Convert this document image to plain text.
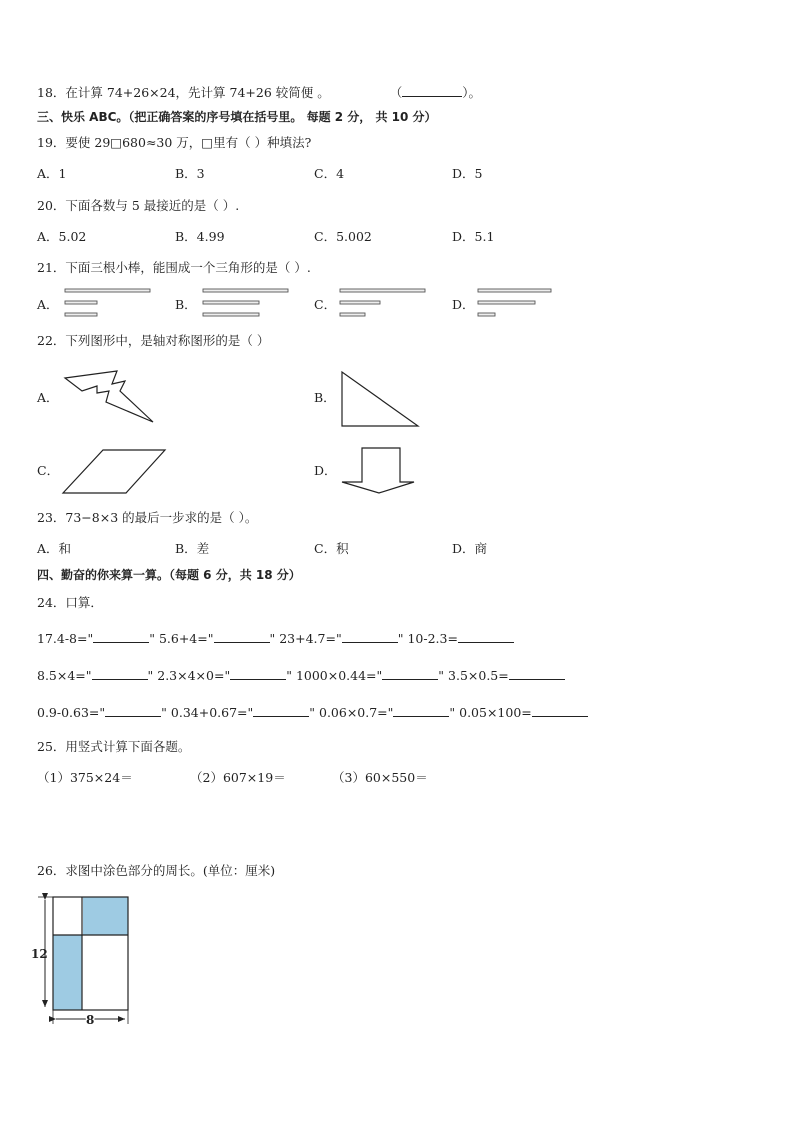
18．在计算 74+26×24，先计算 74+26 较简便 。	（	）。
三、快乐 ABC。（把正确答案的序号填在括号里。 每题 2 分， 共 10 分）
19．要使 29□680≈30 万，□里有（ ）种填法?
A．1	B．3	C．4	D．5
20．下面各数与 5 最接近的是（ ）.
A．5.02	B．4.99	C．5.002	D．5.1
21．下面三根小棒，能围成一个三角形的是（ ）.
A．	B．	C．	D．
22．下列图形中，是轴对称图形的是（ ）
A．	B．
C．	D．
23．73−8×3 的最后一步求的是（ ）。
A．和	B．差	C．积	D．商
四、勤奋的你来算一算。（每题 6 分，共 18 分）
24．口算．
17.4-8="	" 5.6+4="	" 23+4.7="	" 10-2.3=
8.5×4="	" 2.3×4×0="	" 1000×0.44="	" 3.5×0.5=
0.9-0.63="	" 0.34+0.67="	" 0.06×0.7="	" 0.05×100=
25．用竖式计算下面各题。
（1）375×24＝	（2）607×19＝	（3）60×550＝
26．求图中涂色部分的周长。(单位：厘米)
12
8
